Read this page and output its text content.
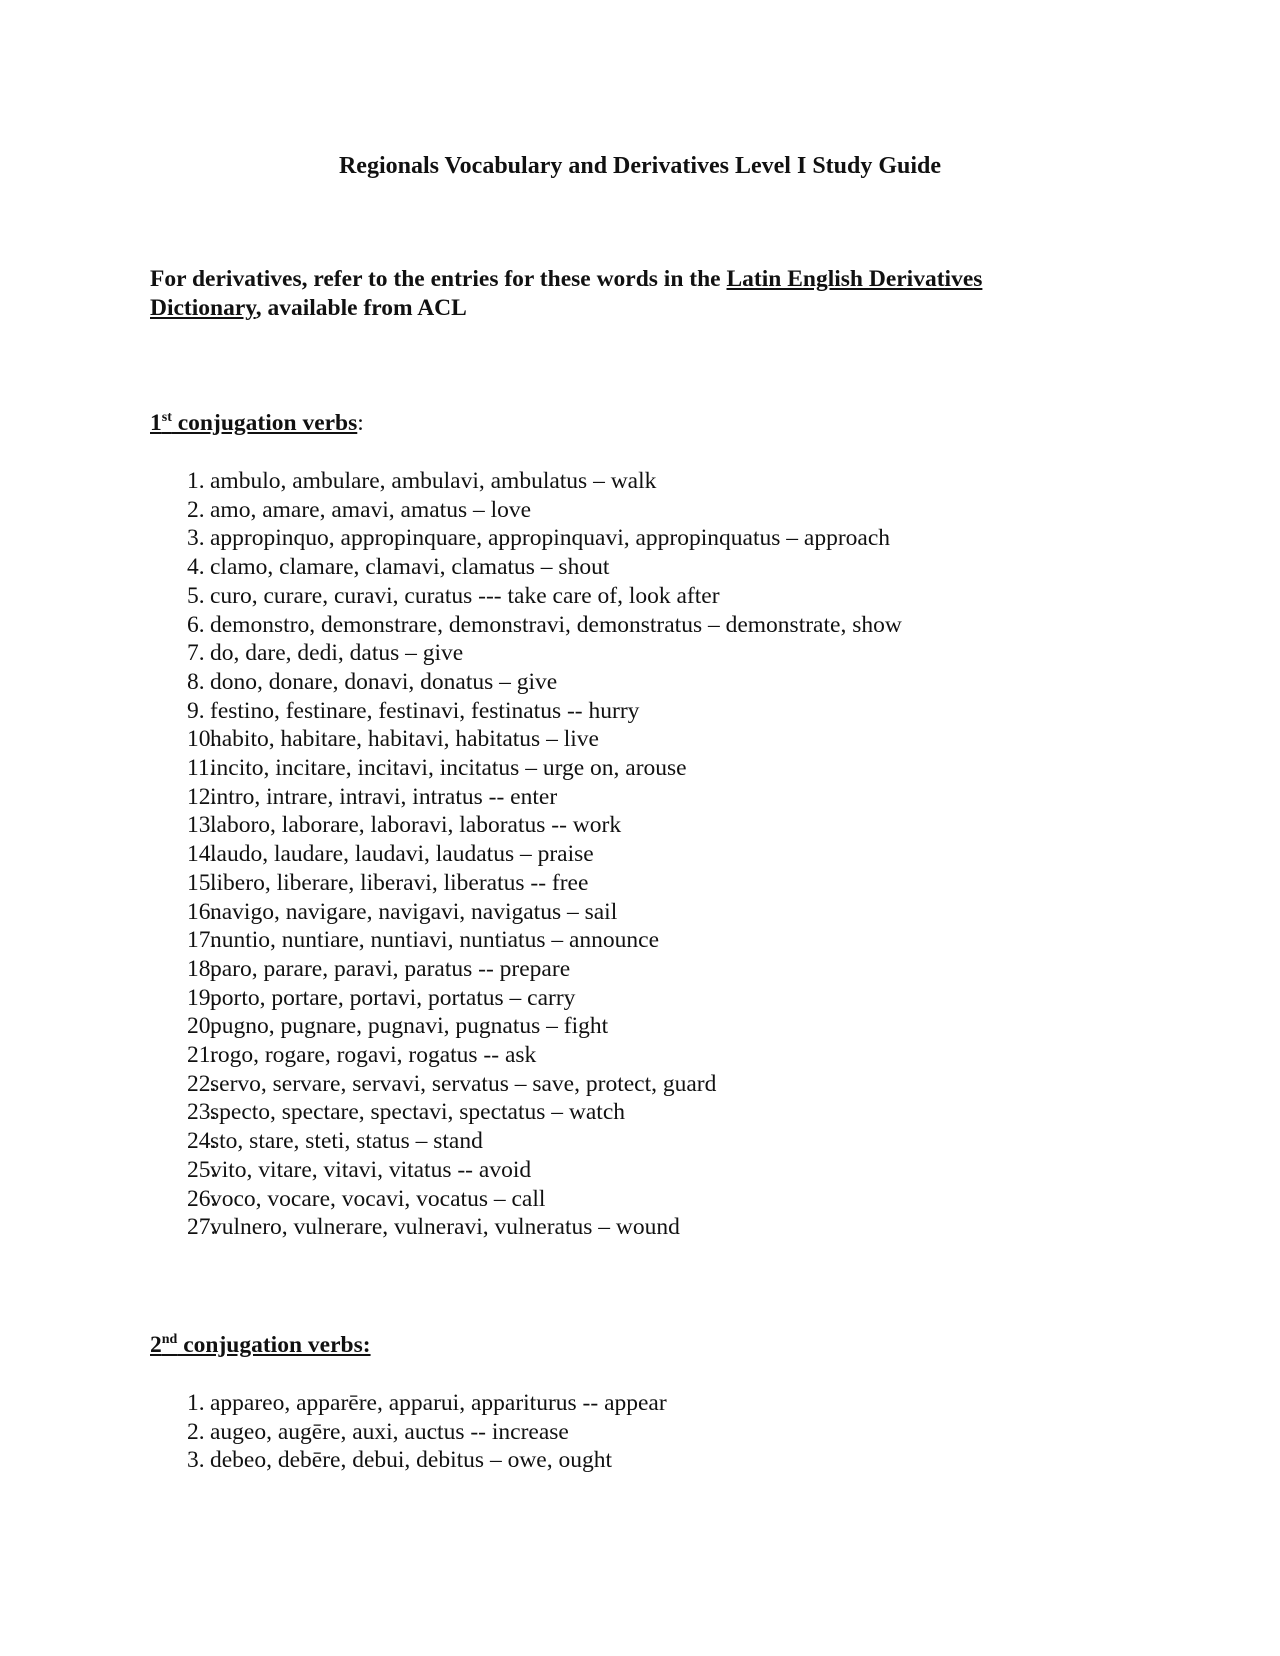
Regionals Vocabulary and Derivatives Level I Study Guide

For derivatives, refer to the entries for these words in the Latin English Derivatives Dictionary, available from ACL

1st conjugation verbs:
1. ambulo, ambulare, ambulavi, ambulatus – walk
2. amo, amare, amavi, amatus – love
3. appropinquo, appropinquare, appropinquavi, appropinquatus – approach
4. clamo, clamare, clamavi, clamatus – shout
5. curo, curare, curavi, curatus --- take care of, look after
6. demonstro, demonstrare, demonstravi, demonstratus – demonstrate, show
7. do, dare, dedi, datus – give
8. dono, donare, donavi, donatus – give
9. festino, festinare, festinavi, festinatus -- hurry
10.
habito, habitare, habitavi, habitatus – live
11.
incito, incitare, incitavi, incitatus – urge on, arouse
12.
intro, intrare, intravi, intratus -- enter
13.
laboro, laborare, laboravi, laboratus -- work
14.
laudo, laudare, laudavi, laudatus – praise
15.
libero, liberare, liberavi, liberatus -- free
16.
navigo, navigare, navigavi, navigatus – sail
17.
nuntio, nuntiare, nuntiavi, nuntiatus – announce
18.
paro, parare, paravi, paratus -- prepare
19.
porto, portare, portavi, portatus – carry
20.
pugno, pugnare, pugnavi, pugnatus – fight
21.
rogo, rogare, rogavi, rogatus -- ask
22.
servo, servare, servavi, servatus – save, protect, guard
23.
specto, spectare, spectavi, spectatus – watch
24.
sto, stare, steti, status – stand
25.
vito, vitare, vitavi, vitatus -- avoid
26.
voco, vocare, vocavi, vocatus – call
27.
vulnero, vulnerare, vulneravi, vulneratus – wound
2nd conjugation verbs:
1. appareo, apparēre, apparui, appariturus -- appear
2. augeo, augēre, auxi, auctus -- increase
3. debeo, debēre, debui, debitus – owe, ought
